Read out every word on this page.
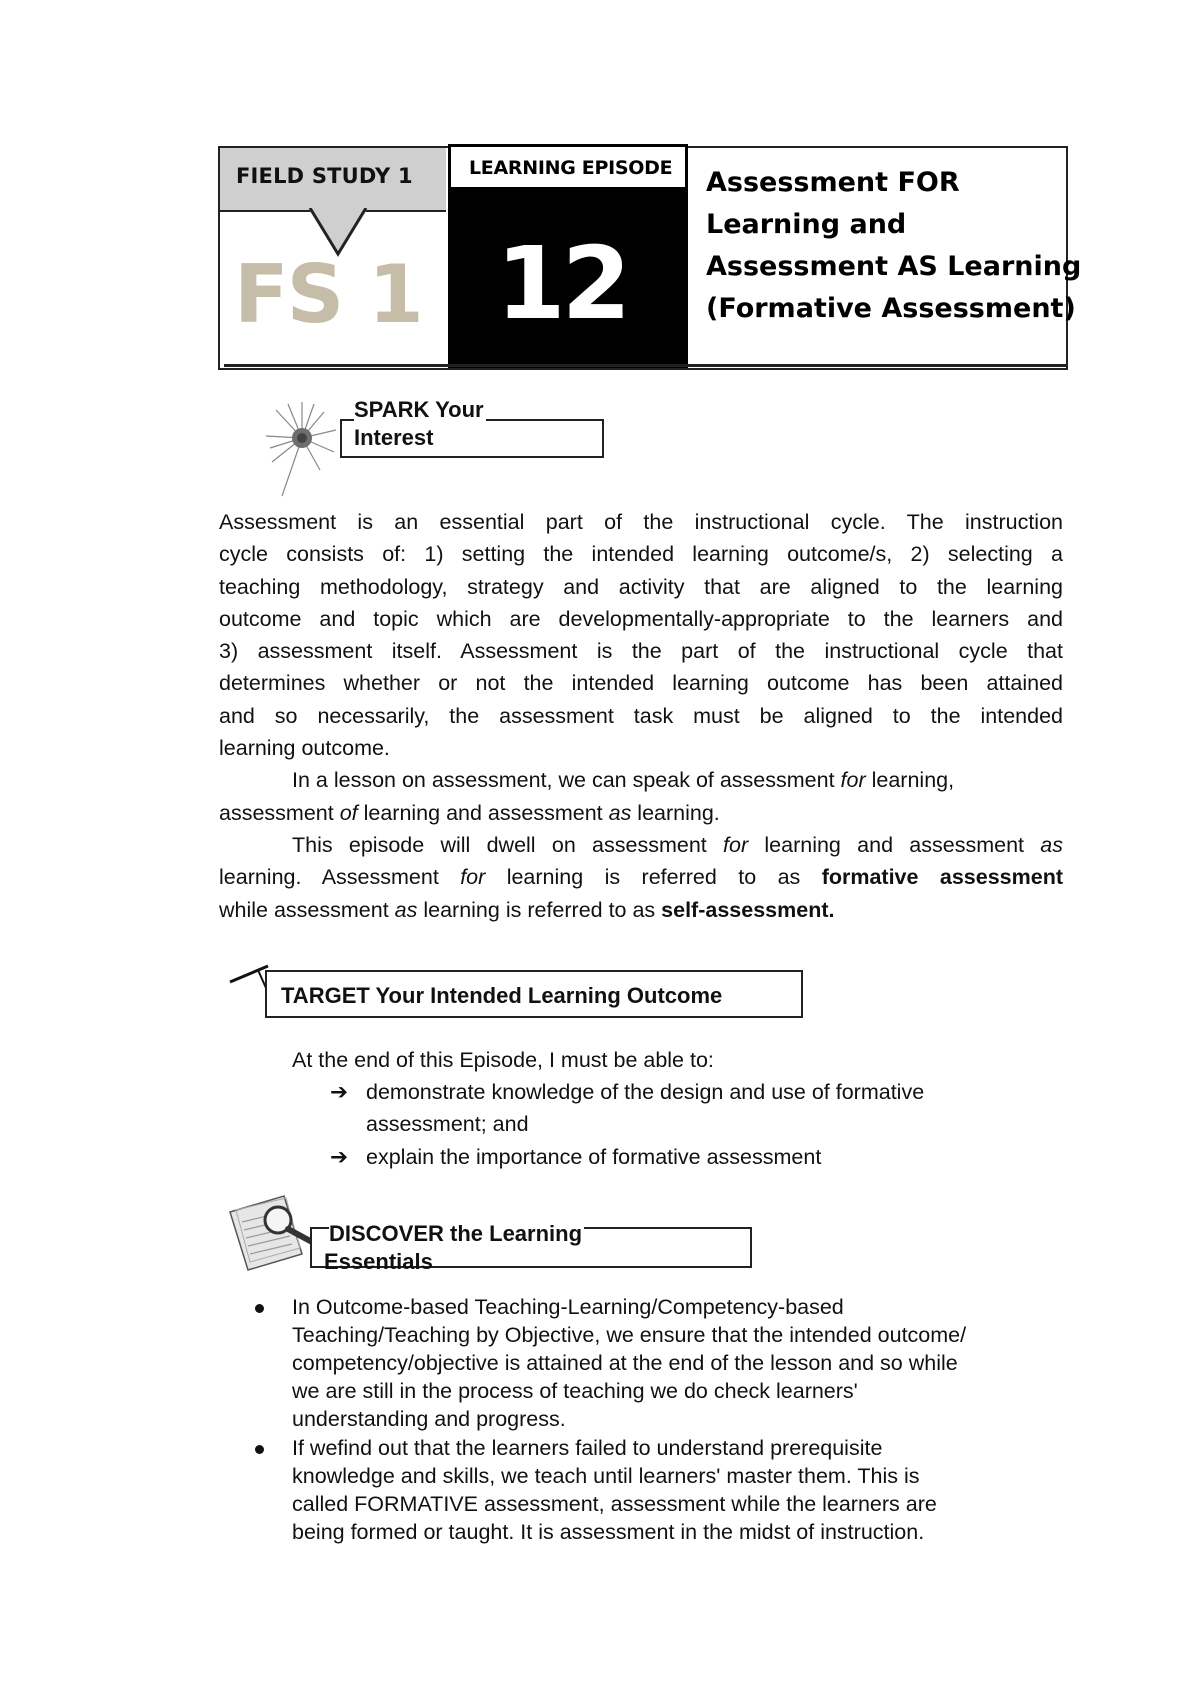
FIELD STUDY 1
FS 1 12
LEARNING EPISODE Assessment FOR
Learning and
Assessment AS Learning
(Formative Assessment)
SPARK Your
Interest

Assessment is an essential part of the instructional cycle. The instruction

cycle consists of: 1) setting the intended learning outcome/s, 2) selecting a

teaching methodology, strategy and activity that are aligned to the learning

outcome and topic which are developmentally-appropriate to the learners and

3) assessment itself. Assessment is the part of the instructional cycle that

determines whether or not the intended learning outcome has been attained

and so necessarily, the assessment task must be aligned to the intended

learning outcome.

In a lesson on assessment, we can speak of assessment for learning,

assessment of learning and assessment as learning.

This episode will dwell on assessment for learning and assessment as

learning. Assessment for learning is referred to as formative assessment

while assessment as learning is referred to as self-assessment.

TARGET Your Intended Learning Outcome
At the end of this Episode, I must be able to:
➔ demonstrate knowledge of the design and use of formative
assessment; and
➔ explain the importance of formative assessment
DISCOVER the Learning
Essentials
In Outcome-based Teaching-Learning/Competency-based
Teaching/Teaching by Objective, we ensure that the intended outcome/
competency/objective is attained at the end of the lesson and so while
we are still in the process of teaching we do check learners'
understanding and progress.
If wefind out that the learners failed to understand prerequisite
knowledge and skills, we teach until learners' master them. This is
called FORMATIVE assessment, assessment while the learners are
being formed or taught. It is assessment in the midst of instruction.
